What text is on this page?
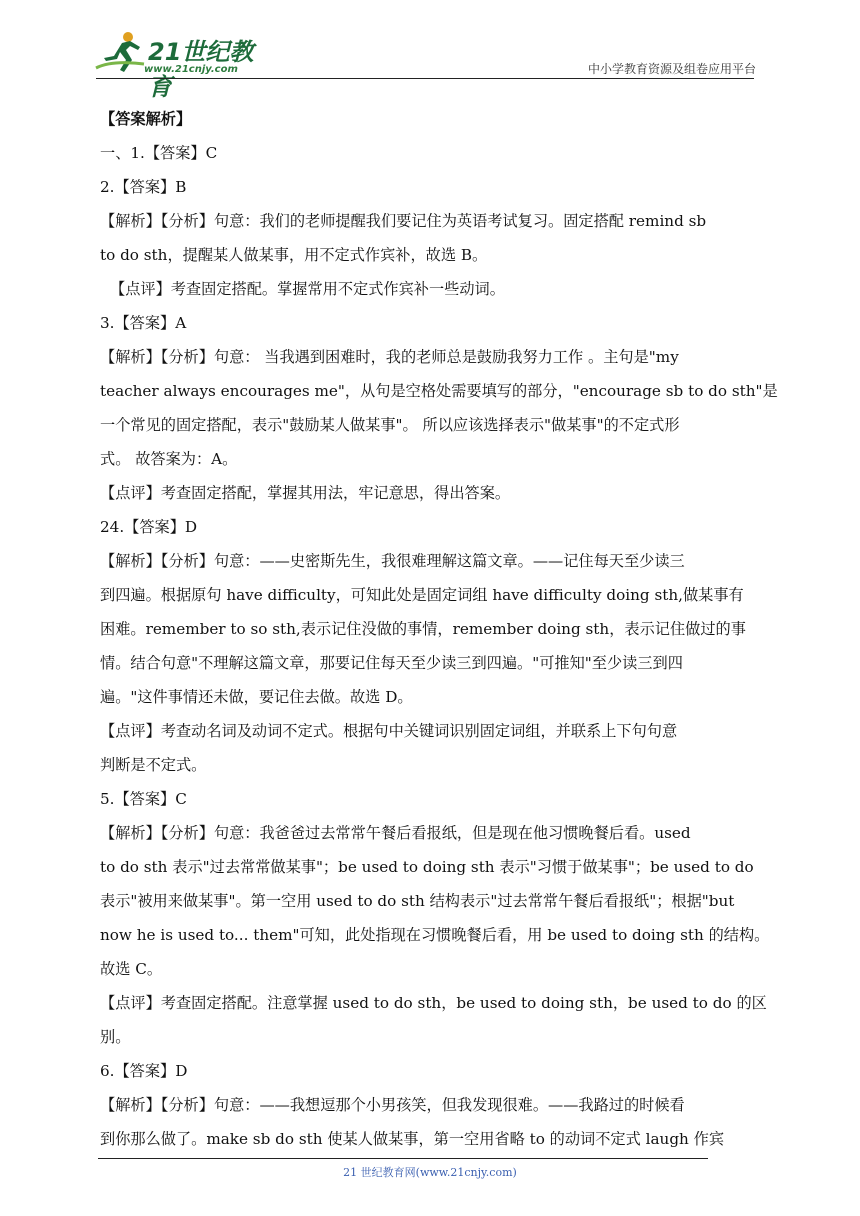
21世纪教育
www.21cnjy.com	中小学教育资源及组卷应用平台
【答案解析】
一、1.【答案】C
2.【答案】B
【解析】【分析】句意：我们的老师提醒我们要记住为英语考试复习。固定搭配 remind sb
to do sth，提醒某人做某事，用不定式作宾补，故选 B。
【点评】考查固定搭配。掌握常用不定式作宾补一些动词。
3.【答案】A
【解析】【分析】句意： 当我遇到困难时，我的老师总是鼓励我努力工作 。主句是"my
teacher always encourages me"，从句是空格处需要填写的部分，"encourage sb to do sth"是
一个常见的固定搭配，表示"鼓励某人做某事"。 所以应该选择表示"做某事"的不定式形
式。 故答案为：A。
【点评】考查固定搭配，掌握其用法，牢记意思，得出答案。
24.【答案】D
【解析】【分析】句意：——史密斯先生，我很难理解这篇文章。——记住每天至少读三
到四遍。根据原句 have difficulty，可知此处是固定词组 have difficulty doing sth,做某事有
困难。remember to so sth,表示记住没做的事情，remember doing sth，表示记住做过的事
情。结合句意"不理解这篇文章，那要记住每天至少读三到四遍。"可推知"至少读三到四
遍。"这件事情还未做，要记住去做。故选 D。
【点评】考查动名词及动词不定式。根据句中关键词识别固定词组，并联系上下句句意
判断是不定式。
5.【答案】C
【解析】【分析】句意：我爸爸过去常常午餐后看报纸，但是现在他习惯晚餐后看。used
to do sth 表示"过去常常做某事"；be used to doing sth 表示"习惯于做某事"；be used to do
表示"被用来做某事"。第一空用 used to do sth 结构表示"过去常常午餐后看报纸"；根据"but
now he is used to... them"可知，此处指现在习惯晚餐后看，用 be used to doing sth 的结构。
故选 C。
【点评】考查固定搭配。注意掌握 used to do sth，be used to doing sth，be used to do 的区
别。
6.【答案】D
【解析】【分析】句意：——我想逗那个小男孩笑，但我发现很难。——我路过的时候看
到你那么做了。make sb do sth 使某人做某事，第一空用省略 to 的动词不定式 laugh 作宾
21 世纪教育网(www.21cnjy.com)
